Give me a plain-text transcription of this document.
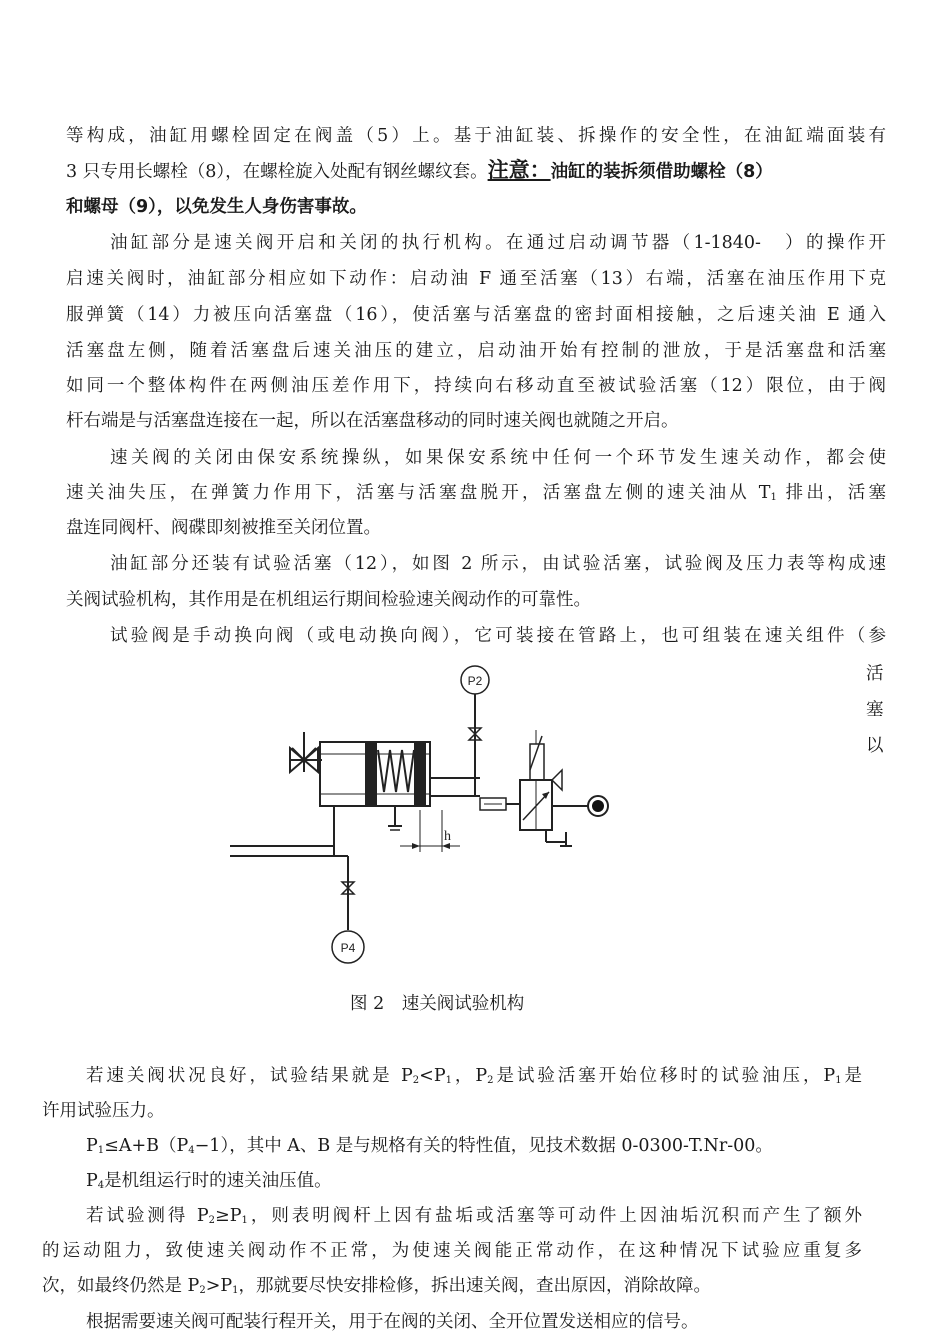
等构成，油缸用螺栓固定在阀盖（5）上。基于油缸装、拆操作的安全性，在油缸端面装有
3 只专用长螺栓（8），在螺栓旋入处配有钢丝螺纹套。注意：油缸的装拆须借助螺栓（8）
和螺母（9），以免发生人身伤害事故。
油缸部分是速关阀开启和关闭的执行机构。在通过启动调节器（1-1840-　）的操作开
启速关阀时，油缸部分相应如下动作：启动油 F 通至活塞（13）右端，活塞在油压作用下克
服弹簧（14）力被压向活塞盘（16），使活塞与活塞盘的密封面相接触，之后速关油 E 通入
活塞盘左侧，随着活塞盘后速关油压的建立，启动油开始有控制的泄放，于是活塞盘和活塞
如同一个整体构件在两侧油压差作用下，持续向右移动直至被试验活塞（12）限位，由于阀
杆右端是与活塞盘连接在一起，所以在活塞盘移动的同时速关阀也就随之开启。
速关阀的关闭由保安系统操纵，如果保安系统中任何一个环节发生速关动作，都会使
速关油失压，在弹簧力作用下，活塞与活塞盘脱开，活塞盘左侧的速关油从 $T_1$ 排出，活塞
盘连同阀杆、阀碟即刻被推至关闭位置。
油缸部分还装有试验活塞（12），如图 2 所示，由试验活塞，试验阀及压力表等构成速
关阀试验机构，其作用是在机组运行期间检验速关阀动作的可靠性。
试验阀是手动换向阀（或电动换向阀），它可装接在管路上，也可组装在速关组件（参
活
塞
以
P2
h
P4
图 2　速关阀试验机构
若速关阀状况良好，试验结果就是 $P_2<P_1$，$P_2$是试验活塞开始位移时的试验油压，$P_1$是
许用试验压力。
$P_1\le A+B(P_4-1)$，其中 A、B 是与规格有关的特性值，见技术数据 0-0300-T.Nr-00。
$P_4$是机组运行时的速关油压值。
若试验测得 $P_2\ge P_1$，则表明阀杆上因有盐垢或活塞等可动件上因油垢沉积而产生了额外
的运动阻力，致使速关阀动作不正常，为使速关阀能正常动作，在这种情况下试验应重复多
次，如最终仍然是 $P_2>P_1$，那就要尽快安排检修，拆出速关阀，查出原因，消除故障。
根据需要速关阀可配装行程开关，用于在阀的关闭、全开位置发送相应的信号。
